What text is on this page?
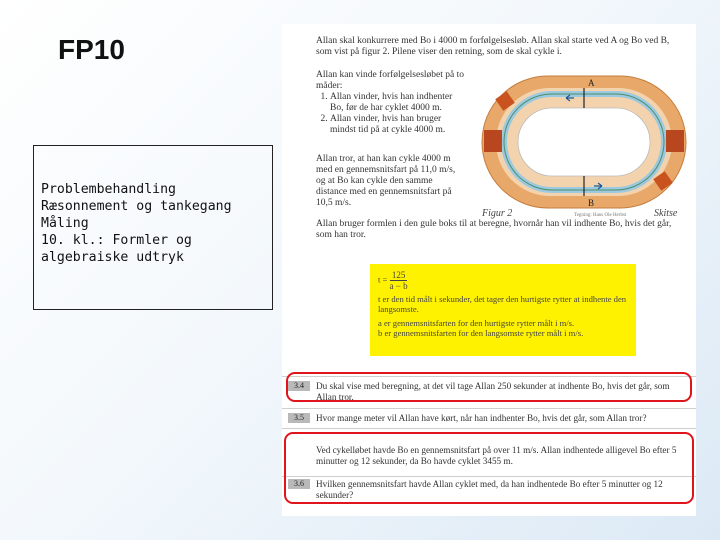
FP10
Problembehandling
Ræsonnement og tankegang
Måling
10. kl.: Formler og algebraiske udtryk
Allan skal konkurrere med Bo i 4000 m forfølgelsesløb. Allan skal starte ved A og Bo ved B, som vist på figur 2. Pilene viser den retning, som de skal cykle i.
Allan kan vinde forfølgelsesløbet på to måder:
1. Allan vinder, hvis han indhenter Bo, før de har cyklet 4000 m.
2. Allan vinder, hvis han bruger mindst tid på at cykle 4000 m.
Allan tror, at han kan cykle 4000 m med en gennemsnitsfart på 11,0 m/s, og at Bo kan cykle den samme distance med en gennemsnitsfart på 10,5 m/s.
A
B
Figur 2	Tegning: Hans Ole Herbst	Skitse
Allan bruger formlen i den gule boks til at beregne, hvornår han vil indhente Bo, hvis det går, som han tror.
$t = \frac{125}{a - b}$
t er den tid målt i sekunder, det tager den hurtigste rytter at indhente den langsomste.
a er gennemsnitsfarten for den hurtigste rytter målt i m/s.
b er gennemsnitsfarten for den langsomste rytter målt i m/s.
3.4	Du skal vise med beregning, at det vil tage Allan 250 sekunder at indhente Bo, hvis det går, som Allan tror.
3.5	Hvor mange meter vil Allan have kørt, når han indhenter Bo, hvis det går, som Allan tror?
Ved cykelløbet havde Bo en gennemsnitsfart på over 11 m/s. Allan indhentede alligevel Bo efter 5 minutter og 12 sekunder, da Bo havde cyklet 3455 m.
3.6	Hvilken gennemsnitsfart havde Allan cyklet med, da han indhentede Bo efter 5 minutter og 12 sekunder?
